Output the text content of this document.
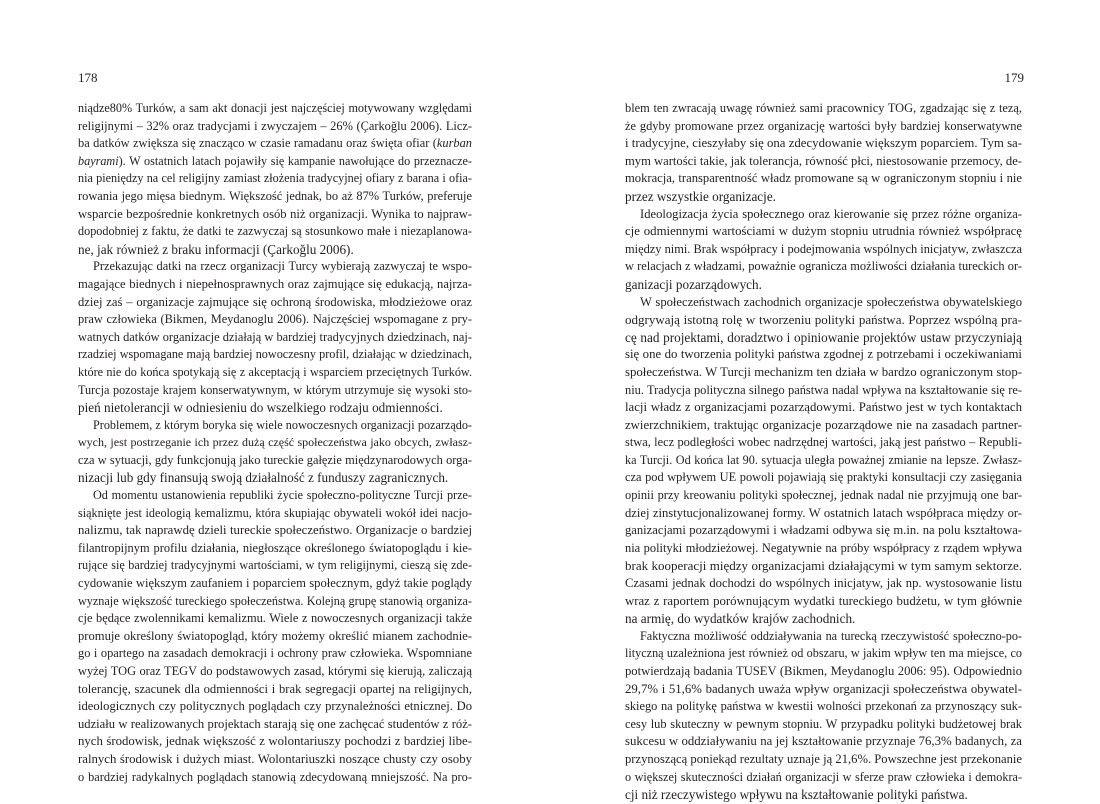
178
niądze80% Turków, a sam akt donacji jest najczęściej motywowany względami
religijnymi – 32% oraz tradycjami i zwyczajem – 26% (Çarkoğlu 2006). Licz-
ba datków zwiększa się znacząco w czasie ramadanu oraz święta ofiar (kurban
bayrami). W ostatnich latach pojawiły się kampanie nawołujące do przeznacze-
nia pieniędzy na cel religijny zamiast złożenia tradycyjnej ofiary z barana i ofia-
rowania jego mięsa biednym. Większość jednak, bo aż 87% Turków, preferuje
wsparcie bezpośrednie konkretnych osób niż organizacji. Wynika to najpraw-
dopodobniej z faktu, że datki te zazwyczaj są stosunkowo małe i niezaplanowa-
ne, jak również z braku informacji (Çarkoğlu 2006).
Przekazując datki na rzecz organizacji Turcy wybierają zazwyczaj te wspo-
magające biednych i niepełnosprawnych oraz zajmujące się edukacją, najrza-
dziej zaś – organizacje zajmujące się ochroną środowiska, młodzieżowe oraz
praw człowieka (Bikmen, Meydanoglu 2006). Najczęściej wspomagane z pry-
watnych datków organizacje działają w bardziej tradycyjnych dziedzinach, naj-
rzadziej wspomagane mają bardziej nowoczesny profil, działając w dziedzinach,
które nie do końca spotykają się z akceptacją i wsparciem przeciętnych Turków.
Turcja pozostaje krajem konserwatywnym, w którym utrzymuje się wysoki sto-
pień nietolerancji w odniesieniu do wszelkiego rodzaju odmienności.
Problemem, z którym boryka się wiele nowoczesnych organizacji pozarządo-
wych, jest postrzeganie ich przez dużą część społeczeństwa jako obcych, zwłasz-
cza w sytuacji, gdy funkcjonują jako tureckie gałęzie międzynarodowych orga-
nizacji lub gdy finansują swoją działalność z funduszy zagranicznych.
Od momentu ustanowienia republiki życie społeczno-polityczne Turcji prze-
siąknięte jest ideologią kemalizmu, która skupiając obywateli wokół idei nacjo-
nalizmu, tak naprawdę dzieli tureckie społeczeństwo. Organizacje o bardziej
filantropijnym profilu działania, niegłoszące określonego światopoglądu i kie-
rujące się bardziej tradycyjnymi wartościami, w tym religijnymi, cieszą się zde-
cydowanie większym zaufaniem i poparciem społecznym, gdyż takie poglądy
wyznaje większość tureckiego społeczeństwa. Kolejną grupę stanowią organiza-
cje będące zwolennikami kemalizmu. Wiele z nowoczesnych organizacji także
promuje określony światopogląd, który możemy określić mianem zachodnie-
go i opartego na zasadach demokracji i ochrony praw człowieka. Wspomniane
wyżej TOG oraz TEGV do podstawowych zasad, którymi się kierują, zaliczają
tolerancję, szacunek dla odmienności i brak segregacji opartej na religijnych,
ideologicznych czy politycznych poglądach czy przynależności etnicznej. Do
udziału w realizowanych projektach starają się one zachęcać studentów z róż-
nych środowisk, jednak większość z wolontariuszy pochodzi z bardziej libe-
ralnych środowisk i dużych miast. Wolontariuszki noszące chusty czy osoby
o bardziej radykalnych poglądach stanowią zdecydowaną mniejszość. Na pro-
179
blem ten zwracają uwagę również sami pracownicy TOG, zgadzając się z tezą,
że gdyby promowane przez organizację wartości były bardziej konserwatywne
i tradycyjne, cieszyłaby się ona zdecydowanie większym poparciem. Tym sa-
mym wartości takie, jak tolerancja, równość płci, niestosowanie przemocy, de-
mokracja, transparentność władz promowane są w ograniczonym stopniu i nie
przez wszystkie organizacje.
Ideologizacja życia społecznego oraz kierowanie się przez różne organiza-
cje odmiennymi wartościami w dużym stopniu utrudnia również współpracę
między nimi. Brak współpracy i podejmowania wspólnych inicjatyw, zwłaszcza
w relacjach z władzami, poważnie ogranicza możliwości działania tureckich or-
ganizacji pozarządowych.
W społeczeństwach zachodnich organizacje społeczeństwa obywatelskiego
odgrywają istotną rolę w tworzeniu polityki państwa. Poprzez wspólną pra-
cę nad projektami, doradztwo i opiniowanie projektów ustaw przyczyniają
się one do tworzenia polityki państwa zgodnej z potrzebami i oczekiwaniami
społeczeństwa. W Turcji mechanizm ten działa w bardzo ograniczonym stop-
niu. Tradycja polityczna silnego państwa nadal wpływa na kształtowanie się re-
lacji władz z organizacjami pozarządowymi. Państwo jest w tych kontaktach
zwierzchnikiem, traktując organizacje pozarządowe nie na zasadach partner-
stwa, lecz podległości wobec nadrzędnej wartości, jaką jest państwo – Republi-
ka Turcji. Od końca lat 90. sytuacja uległa poważnej zmianie na lepsze. Zwłasz-
cza pod wpływem UE powoli pojawiają się praktyki konsultacji czy zasięgania
opinii przy kreowaniu polityki społecznej, jednak nadal nie przyjmują one bar-
dziej zinstytucjonalizowanej formy. W ostatnich latach współpraca między or-
ganizacjami pozarządowymi i władzami odbywa się m.in. na polu kształtowa-
nia polityki młodzieżowej. Negatywnie na próby współpracy z rządem wpływa
brak kooperacji między organizacjami działającymi w tym samym sektorze.
Czasami jednak dochodzi do wspólnych inicjatyw, jak np. wystosowanie listu
wraz z raportem porównującym wydatki tureckiego budżetu, w tym głównie
na armię, do wydatków krajów zachodnich.
Faktyczna możliwość oddziaływania na turecką rzeczywistość społeczno-po-
lityczną uzależniona jest również od obszaru, w jakim wpływ ten ma miejsce, co
potwierdzają badania TUSEV (Bikmen, Meydanoglu 2006: 95). Odpowiednio
29,7% i 51,6% badanych uważa wpływ organizacji społeczeństwa obywatel-
skiego na politykę państwa w kwestii wolności przekonań za przynoszący suk-
cesy lub skuteczny w pewnym stopniu. W przypadku polityki budżetowej brak
sukcesu w oddziaływaniu na jej kształtowanie przyznaje 76,3% badanych, za
przynoszącą poniekąd rezultaty uznaje ją 21,6%. Powszechne jest przekonanie
o większej skuteczności działań organizacji w sferze praw człowieka i demokra-
cji niż rzeczywistego wpływu na kształtowanie polityki państwa.
